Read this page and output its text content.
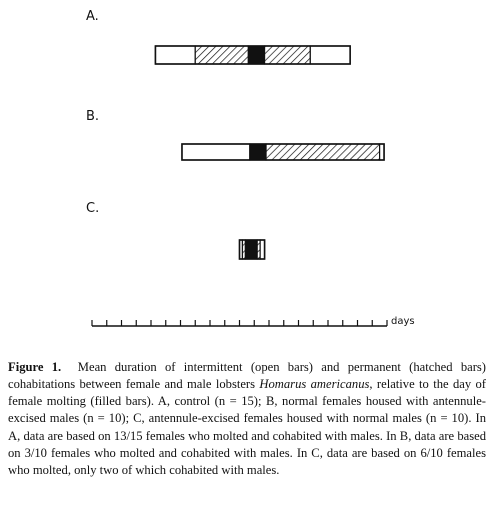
A.
B.
C.
days

Figure 1. Mean duration of intermittent (open bars) and permanent (hatched bars) cohabitations between female and male lobsters Homarus americanus, relative to the day of female molting (filled bars). A, control (n = 15); B, normal females housed with antennule-excised males (n = 10); C, antennule-excised females housed with normal males (n = 10). In A, data are based on 13/15 females who molted and cohabited with males. In B, data are based on 3/10 females who molted and cohabited with males. In C, data are based on 6/10 females who molted, only two of which cohabited with males.
